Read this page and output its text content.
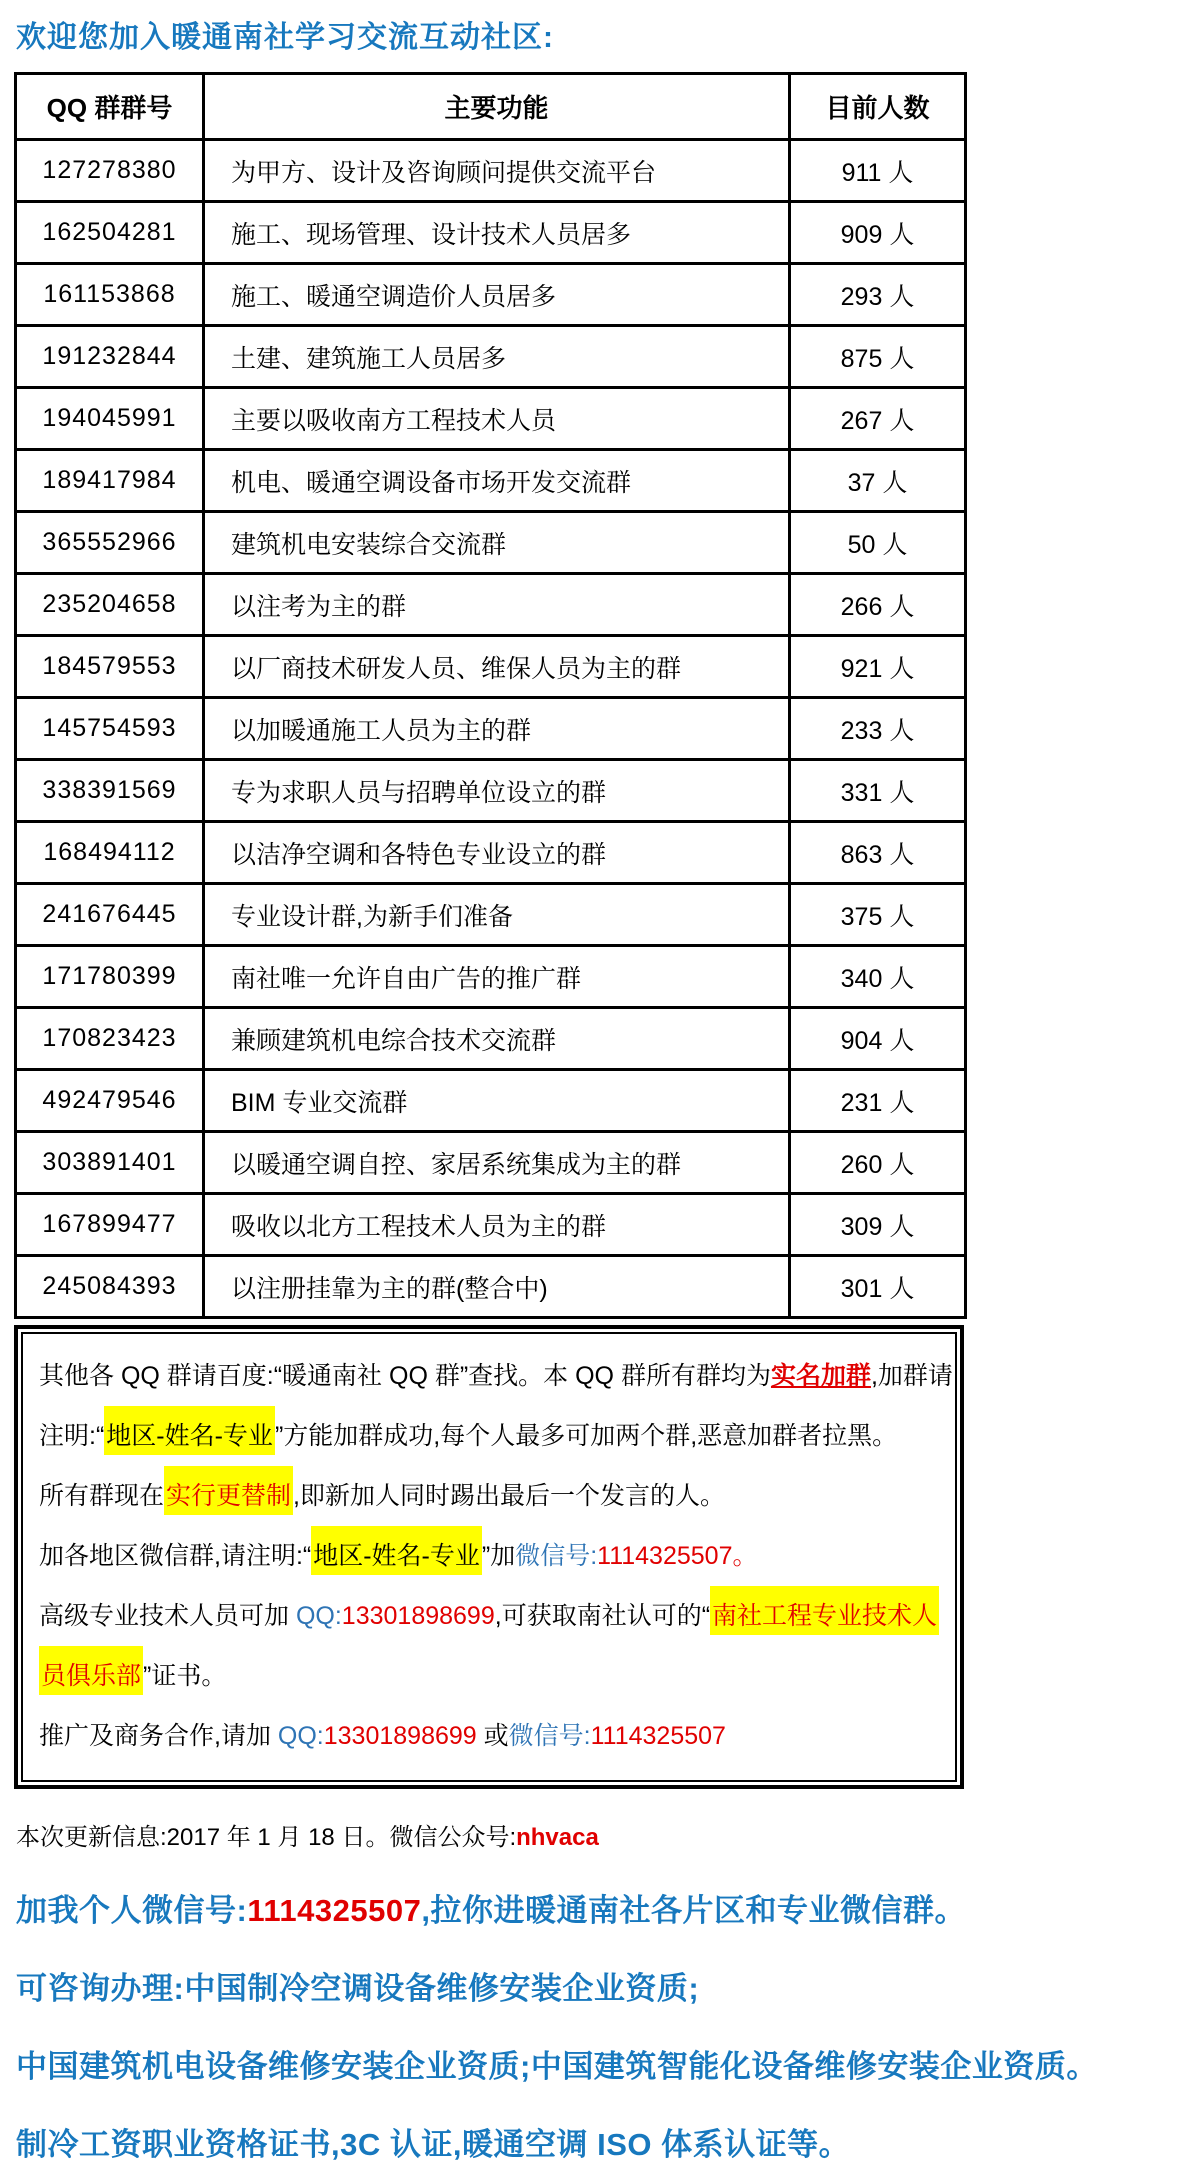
欢迎您加入暖通南社学习交流互动社区:
QQ 群群号	主要功能	目前人数
127278380	为甲方、设计及咨询顾问提供交流平台	911 人
162504281	施工、现场管理、设计技术人员居多	909 人
161153868	施工、暖通空调造价人员居多	293 人
191232844	土建、建筑施工人员居多	875 人
194045991	主要以吸收南方工程技术人员	267 人
189417984	机电、暖通空调设备市场开发交流群	37 人
365552966	建筑机电安装综合交流群	50 人
235204658	以注考为主的群	266 人
184579553	以厂商技术研发人员、维保人员为主的群	921 人
145754593	以加暖通施工人员为主的群	233 人
338391569	专为求职人员与招聘单位设立的群	331 人
168494112	以洁净空调和各特色专业设立的群	863 人
241676445	专业设计群,为新手们准备	375 人
171780399	南社唯一允许自由广告的推广群	340 人
170823423	兼顾建筑机电综合技术交流群	904 人
492479546	BIM 专业交流群	231 人
303891401	以暖通空调自控、家居系统集成为主的群	260 人
167899477	吸收以北方工程技术人员为主的群	309 人
245084393	以注册挂靠为主的群(整合中)	301 人
其他各 QQ 群请百度:“暖通南社 QQ 群”查找。本 QQ 群所有群均为实名加群,加群请
注明:“地区-姓名-专业”方能加群成功,每个人最多可加两个群,恶意加群者拉黑。
所有群现在实行更替制,即新加人同时踢出最后一个发言的人。
加各地区微信群,请注明:“地区-姓名-专业”加微信号:1114325507。
高级专业技术人员可加 QQ:13301898699,可获取南社认可的“南社工程专业技术人
员俱乐部”证书。
推广及商务合作,请加 QQ:13301898699 或微信号:1114325507

本次更新信息:2017 年 1 月 18 日。微信公众号:nhvaca

加我个人微信号:1114325507,拉你进暖通南社各片区和专业微信群。
可咨询办理:中国制冷空调设备维修安装企业资质;
中国建筑机电设备维修安装企业资质;中国建筑智能化设备维修安装企业资质。
制冷工资职业资格证书,3C 认证,暖通空调 ISO 体系认证等。
